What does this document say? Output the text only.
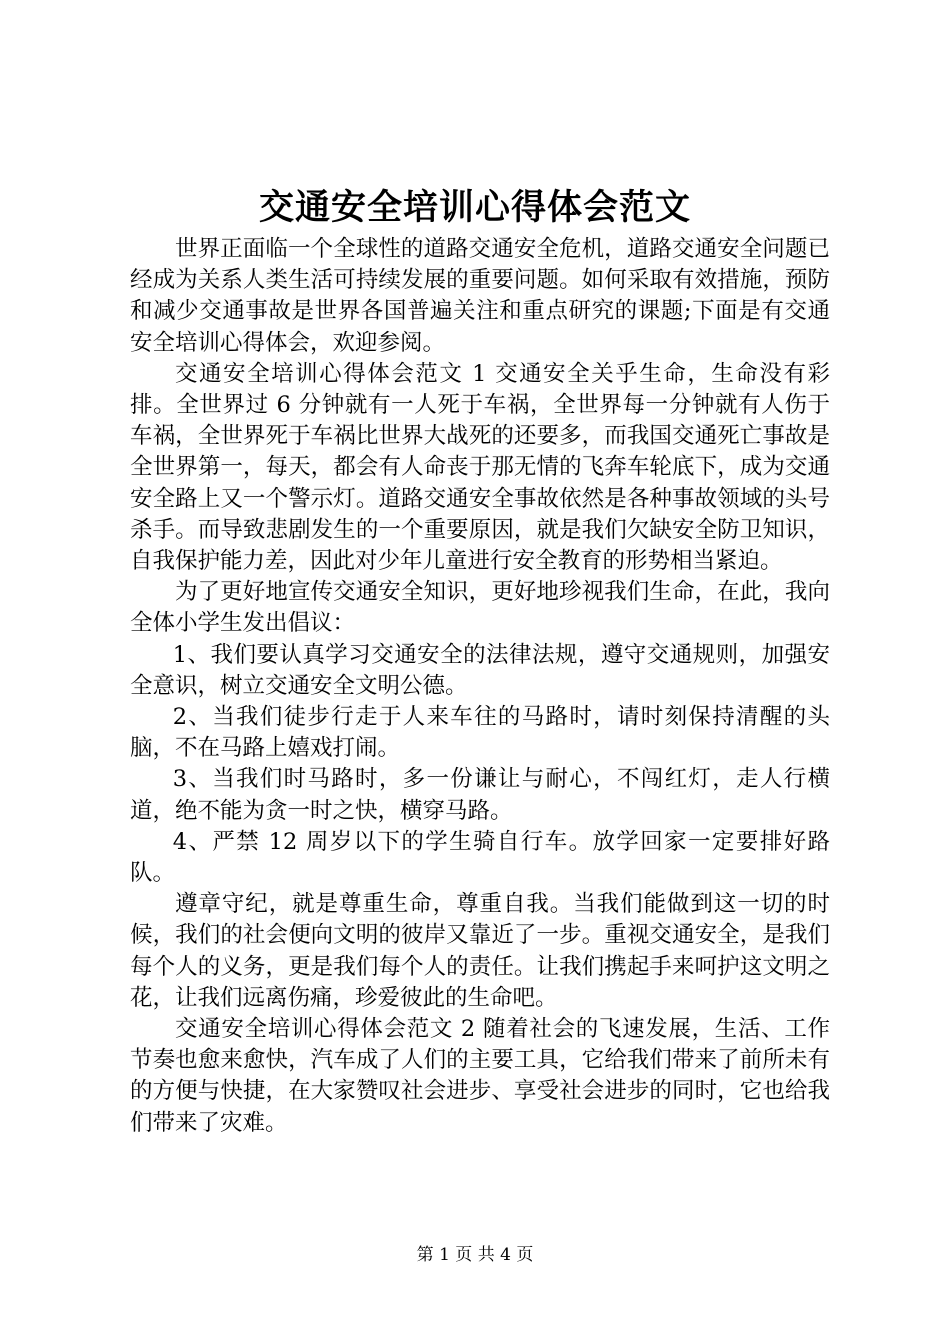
交通安全培训心得体会范文

世界正面临一个全球性的道路交通安全危机，道路交通安全问题已经成为关系人类生活可持续发展的重要问题。如何采取有效措施，预防和减少交通事故是世界各国普遍关注和重点研究的课题;下面是有交通安全培训心得体会，欢迎参阅。

交通安全培训心得体会范文 1 交通安全关乎生命，生命没有彩排。全世界过 6 分钟就有一人死于车祸，全世界每一分钟就有人伤于车祸，全世界死于车祸比世界大战死的还要多，而我国交通死亡事故是全世界第一，每天，都会有人命丧于那无情的飞奔车轮底下，成为交通安全路上又一个警示灯。道路交通安全事故依然是各种事故领域的头号杀手。而导致悲剧发生的一个重要原因，就是我们欠缺安全防卫知识，自我保护能力差，因此对少年儿童进行安全教育的形势相当紧迫。

为了更好地宣传交通安全知识，更好地珍视我们生命，在此，我向全体小学生发出倡议：

1、我们要认真学习交通安全的法律法规，遵守交通规则，加强安全意识，树立交通安全文明公德。

2、当我们徒步行走于人来车往的马路时，请时刻保持清醒的头脑，不在马路上嬉戏打闹。

3、当我们时马路时，多一份谦让与耐心，不闯红灯，走人行横道，绝不能为贪一时之快，横穿马路。

4、严禁 12 周岁以下的学生骑自行车。放学回家一定要排好路队。

遵章守纪，就是尊重生命，尊重自我。当我们能做到这一切的时候，我们的社会便向文明的彼岸又靠近了一步。重视交通安全，是我们每个人的义务，更是我们每个人的责任。让我们携起手来呵护这文明之花，让我们远离伤痛，珍爱彼此的生命吧。

交通安全培训心得体会范文 2 随着社会的飞速发展，生活、工作节奏也愈来愈快，汽车成了人们的主要工具，它给我们带来了前所未有的方便与快捷，在大家赞叹社会进步、享受社会进步的同时，它也给我们带来了灾难。

第 1 页 共 4 页
